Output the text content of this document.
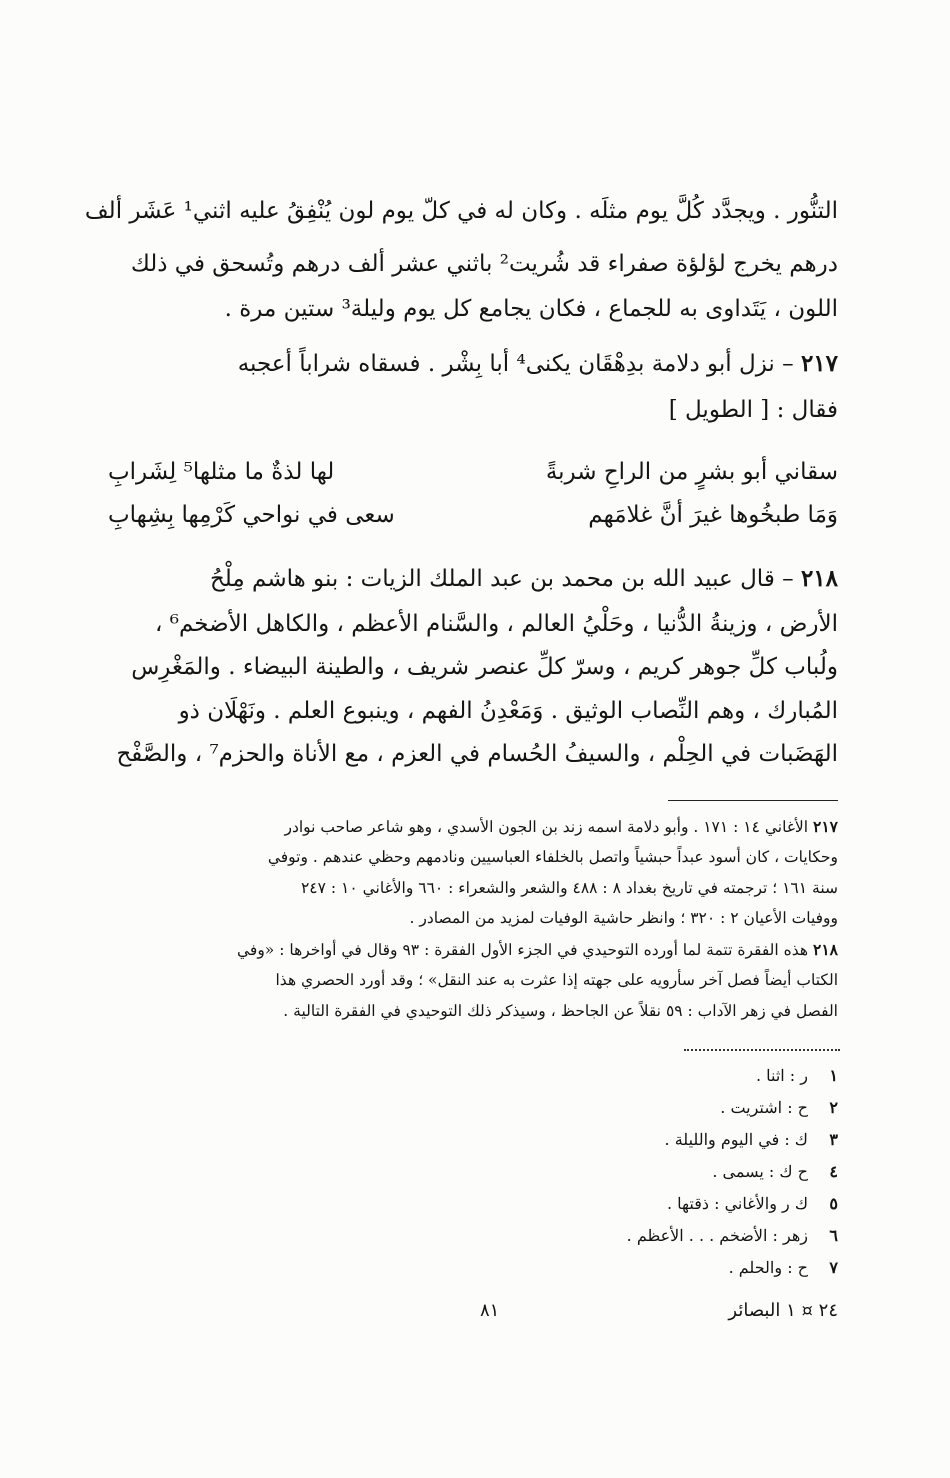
التنُّور . ويجدَّد كُلَّ يوم مثلَه . وكان له في كلّ يوم لون يُنْفِقُ عليه اثني¹ عَشَر ألف
درهم يخرج لؤلؤة صفراء قد شُريت² باثني عشر ألف درهم وتُسحق في ذلك
اللون ، يَتَداوى به للجماع ، فكان يجامع كل يوم وليلة³ ستين مرة .
٢١٧ – نزل أبو دلامة بدِهْقَان يكنى⁴ أبا بِشْر . فسقاه شراباً أعجبه
فقال : [ الطويل ]
سقاني أبو بشرٍ من الراحِ شربةً
لها لذةٌ ما مثلها⁵ لِشَرابِ
وَمَا طبخُوها غيرَ أنَّ غلامَهم
سعى في نواحي كَرْمِها بِشِهابِ
٢١٨ – قال عبيد الله بن محمد بن عبد الملك الزيات : بنو هاشم مِلْحُ
الأرض ، وزينةُ الدُّنيا ، وحَلْيُ العالم ، والسَّنام الأعظم ، والكاهل الأضخم⁶ ،
ولُباب كلِّ جوهر كريم ، وسرّ كلِّ عنصر شريف ، والطينة البيضاء . والمَغْرِس
المُبارك ، وهم النِّصاب الوثيق . وَمَعْدِنُ الفهم ، وينبوع العلم . ونَهْلَان ذو
الهَضَبات في الحِلْم ، والسيفُ الحُسام في العزم ، مع الأناة والحزم⁷ ، والصَّفْح
٢١٧ الأغاني ١٤ : ١٧١ . وأبو دلامة اسمه زند بن الجون الأسدي ، وهو شاعر صاحب نوادر
وحكايات ، كان أسود عبداً حبشياً واتصل بالخلفاء العباسيين ونادمهم وحظي عندهم . وتوفي
سنة ١٦١ ؛ ترجمته في تاريخ بغداد ٨ : ٤٨٨ والشعر والشعراء : ٦٦٠ والأغاني ١٠ : ٢٤٧
ووفيات الأعيان ٢ : ٣٢٠ ؛ وانظر حاشية الوفيات لمزيد من المصادر .
٢١٨ هذه الفقرة تتمة لما أورده التوحيدي في الجزء الأول الفقرة : ٩٣ وقال في أواخرها : «وفي
الكتاب أيضاً فصل آخر سأرويه على جهته إذا عثرت به عند النقل» ؛ وقد أورد الحصري هذا
الفصل في زهر الآداب : ٥٩ نقلاً عن الجاحظ ، وسيذكر ذلك التوحيدي في الفقرة التالية .
١ر : اثنا .
٢ح : اشتريت .
٣ك : في اليوم والليلة .
٤ح ك : يسمى .
٥ك ر والأغاني : ذقتها .
٦زهر : الأضخم . . . الأعظم .
٧ح : والحلم .
٢٤ ¤ ١ البصائر
٨١
